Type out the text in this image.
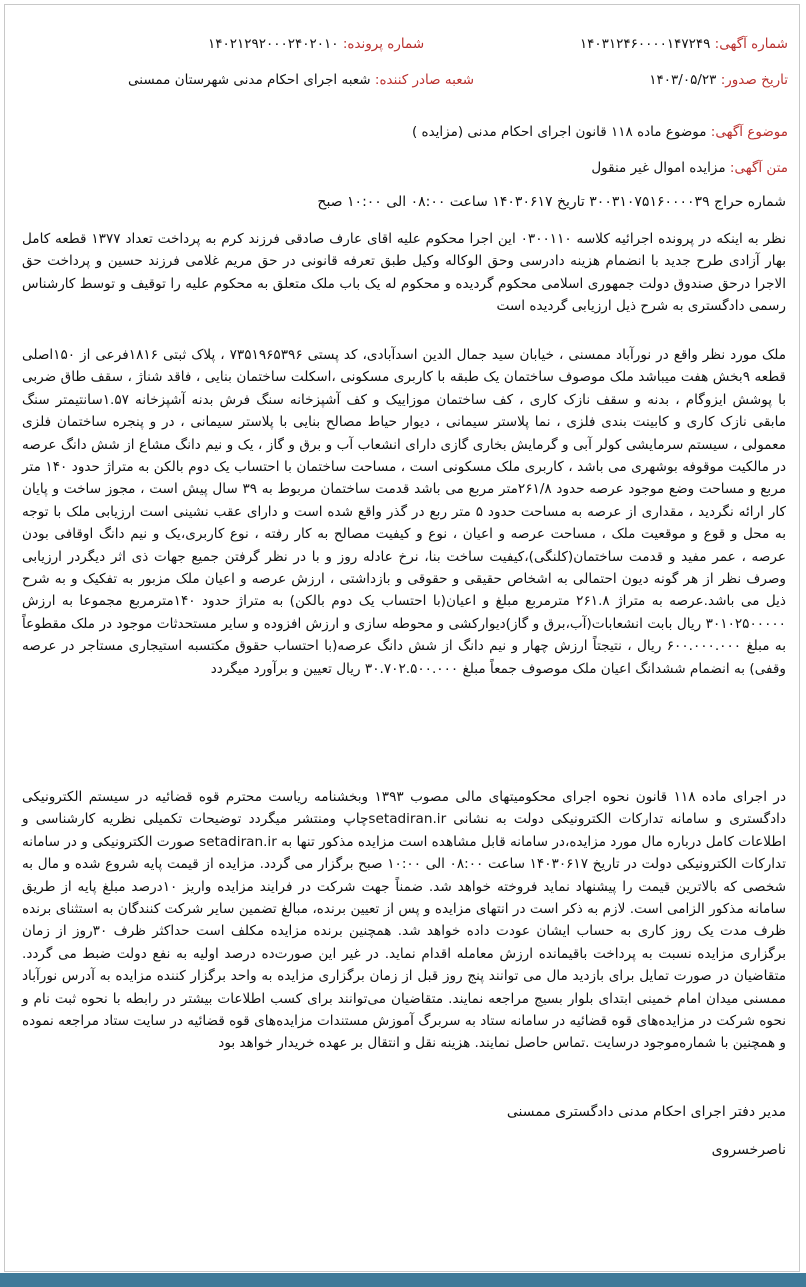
شماره آگهی: ۱۴۰۳۱۲۴۶۰۰۰۰۱۴۷۲۴۹
شماره پرونده: ۱۴۰۲۱۲۹۲۰۰۰۲۴۰۲۰۱۰
تاریخ صدور: ۱۴۰۳/۰۵/۲۳
شعبه صادر کننده: شعبه اجرای احکام مدنی شهرستان ممسنی
موضوع آگهی: موضوع ماده ۱۱۸ قانون اجرای احکام مدنی (مزایده )
متن آگهی: مزایده اموال غیر منقول
شماره حراج ۳۰۰۳۱۰۷۵۱۶۰۰۰۰۳۹ تاریخ ۱۴۰۳۰۶۱۷ ساعت ۰۸:۰۰ الی ۱۰:۰۰ صبح
نظر به اینکه در پرونده اجرائیه کلاسه ۰۳۰۰۱۱۰ این اجرا محکوم علیه اقای عارف صادقی فرزند کرم به پرداخت تعداد ۱۳۷۷ قطعه کامل بهار آزادی طرح جدید با انضمام هزینه دادرسی وحق الوکاله وکیل طبق تعرفه قانونی در حق مریم غلامی فرزند حسین و پرداخت حق الاجرا درحق صندوق دولت جمهوری اسلامی محکوم گردیده و محکوم له یک باب ملک متعلق به محکوم علیه را توقیف و توسط کارشناس رسمی دادگستری به شرح ذیل ارزیابی گردیده است
ملک مورد نظر واقع در نورآباد ممسنی ، خیابان سید جمال الدین اسدآبادی، کد پستی ۷۳۵۱۹۶۵۳۹۶ ، پلاک ثبتی ۱۸۱۶فرعی از ۱۵۰اصلی قطعه ۹بخش هفت میباشد ملک موصوف ساختمان یک طبقه با کاربری مسکونی ،اسکلت ساختمان بنایی ، فاقد شناژ ، سقف طاق ضربی با پوشش ایزوگام ، بدنه و سقف نازک کاری ، کف ساختمان موزاییک و کف آشپزخانه سنگ فرش بدنه آشپزخانه ۱.۵۷سانتیمتر سنگ مابقی نازک کاری و کابینت بندی فلزی ، نما پلاستر سیمانی ، دیوار حیاط مصالح بنایی با پلاستر سیمانی ، در و پنجره ساختمان فلزی معمولی ، سیستم سرمایشی کولر آبی و گرمایش بخاری گازی دارای انشعاب آب و برق و گاز ، یک و نیم دانگ مشاع از شش دانگ عرصه در مالکیت موقوفه بوشهری می باشد ، کاربری ملک مسکونی است ، مساحت ساختمان با احتساب یک دوم بالکن به متراژ حدود ۱۴۰ متر مربع و مساحت وضع موجود عرصه حدود ۲۶۱/۸متر مربع می باشد قدمت ساختمان مربوط به ۳۹ سال پیش است ، مجوز ساخت و پایان کار ارائه نگردید ، مقداری از عرصه به مساحت حدود ۵ متر ربع در گذر واقع شده است و دارای عقب نشینی است ارزیابی ملک با توجه به محل و قوع و موقعیت ملک ، مساحت عرصه و اعیان ، نوع و کیفیت مصالح به کار رفته ، نوع کاربری،یک و نیم دانگ اوقافی بودن عرصه ، عمر مفید و قدمت ساختمان(کلنگی)،کیفیت ساخت بنا، نرخ عادله روز و با در نظر گرفتن جمیع جهات ذی اثر دیگردر ارزیابی وصرف نظر از هر گونه دیون احتمالی به اشخاص حقیقی و حقوقی و بازداشتی ، ارزش عرصه و اعیان ملک مزبور به تفکیک و به شرح ذیل می باشد.عرصه به متراژ ۲۶۱.۸ مترمربع مبلغ و اعیان(با احتساب یک دوم بالکن) به متراژ حدود ۱۴۰مترمربع مجموعا به ارزش ۳۰۱۰۲۵۰۰۰۰۰ ریال بابت انشعابات(آب،برق و گاز)دیوارکشی و محوطه سازی و ارزش افزوده و سایر مستحدثات موجود در ملک مقطوعاً به مبلغ ۶۰۰.۰۰۰.۰۰۰ ریال ، نتیجتاً ارزش چهار و نیم دانگ از شش دانگ عرصه(با احتساب حقوق مکتسبه استیجاری مستاجر در عرصه وقفی) به انضمام ششدانگ اعیان ملک موصوف جمعاً مبلغ ۳۰.۷۰۲.۵۰۰.۰۰۰ ریال تعیین و برآورد میگردد
در اجرای ماده ۱۱۸ قانون نحوه اجرای محکومیتهای مالی مصوب ۱۳۹۳ وبخشنامه ریاست محترم قوه قضائیه در سیستم الکترونیکی دادگستری و سامانه تدارکات الکترونیکی دولت به نشانی setadiran.irچاپ ومنتشر میگردد توضیحات تکمیلی نظریه کارشناسی و اطلاعات کامل درباره مال مورد مزایده،در سامانه قابل مشاهده است مزایده مذکور تنها به setadiran.ir صورت الکترونیکی و در سامانه تدارکات الکترونیکی دولت در تاریخ ۱۴۰۳۰۶۱۷ ساعت ۰۸:۰۰ الی ۱۰:۰۰ صبح برگزار می گردد. مزایده از قیمت پایه شروع شده و مال به شخصی که بالاترین قیمت را پیشنهاد نماید فروخته خواهد شد. ضمناً جهت شرکت در فرایند مزایده واریز ۱۰درصد مبلغ پایه از طریق سامانه مذکور الزامی است. لازم به ذکر است در انتهای مزایده و پس از تعیین برنده، مبالغ تضمین سایر شرکت کنندگان به استثنای برنده ظرف مدت یک روز کاری به حساب ایشان عودت داده خواهد شد. همچنین برنده مزایده مکلف است حداکثر ظرف ۳۰روز از زمان برگزاری مزایده نسبت به پرداخت باقیمانده ارزش معامله اقدام نماید. در غیر این صورت‌ده درصد اولیه به نفع دولت ضبط می گردد. متقاضیان در صورت تمایل برای بازدید مال می توانند پنج روز قبل از زمان برگزاری مزایده به واحد برگزار کننده مزایده به آدرس نورآباد ممسنی میدان امام خمینی ابتدای بلوار بسیج مراجعه نمایند. متقاضیان می‌توانند برای کسب اطلاعات بیشتر در رابطه با نحوه ثبت نام و نحوه شرکت در مزایده‌های قوه قضائیه در سامانه ستاد به سربرگ آموزش مستندات مزایده‌های قوه قضائیه در سایت ستاد مراجعه نموده و همچنین با شماره‌موجود درسایت .تماس حاصل نمایند. هزینه نقل و انتقال بر عهده خریدار خواهد بود
مدیر دفتر اجرای احکام مدنی دادگستری ممسنی
ناصرخسروی
